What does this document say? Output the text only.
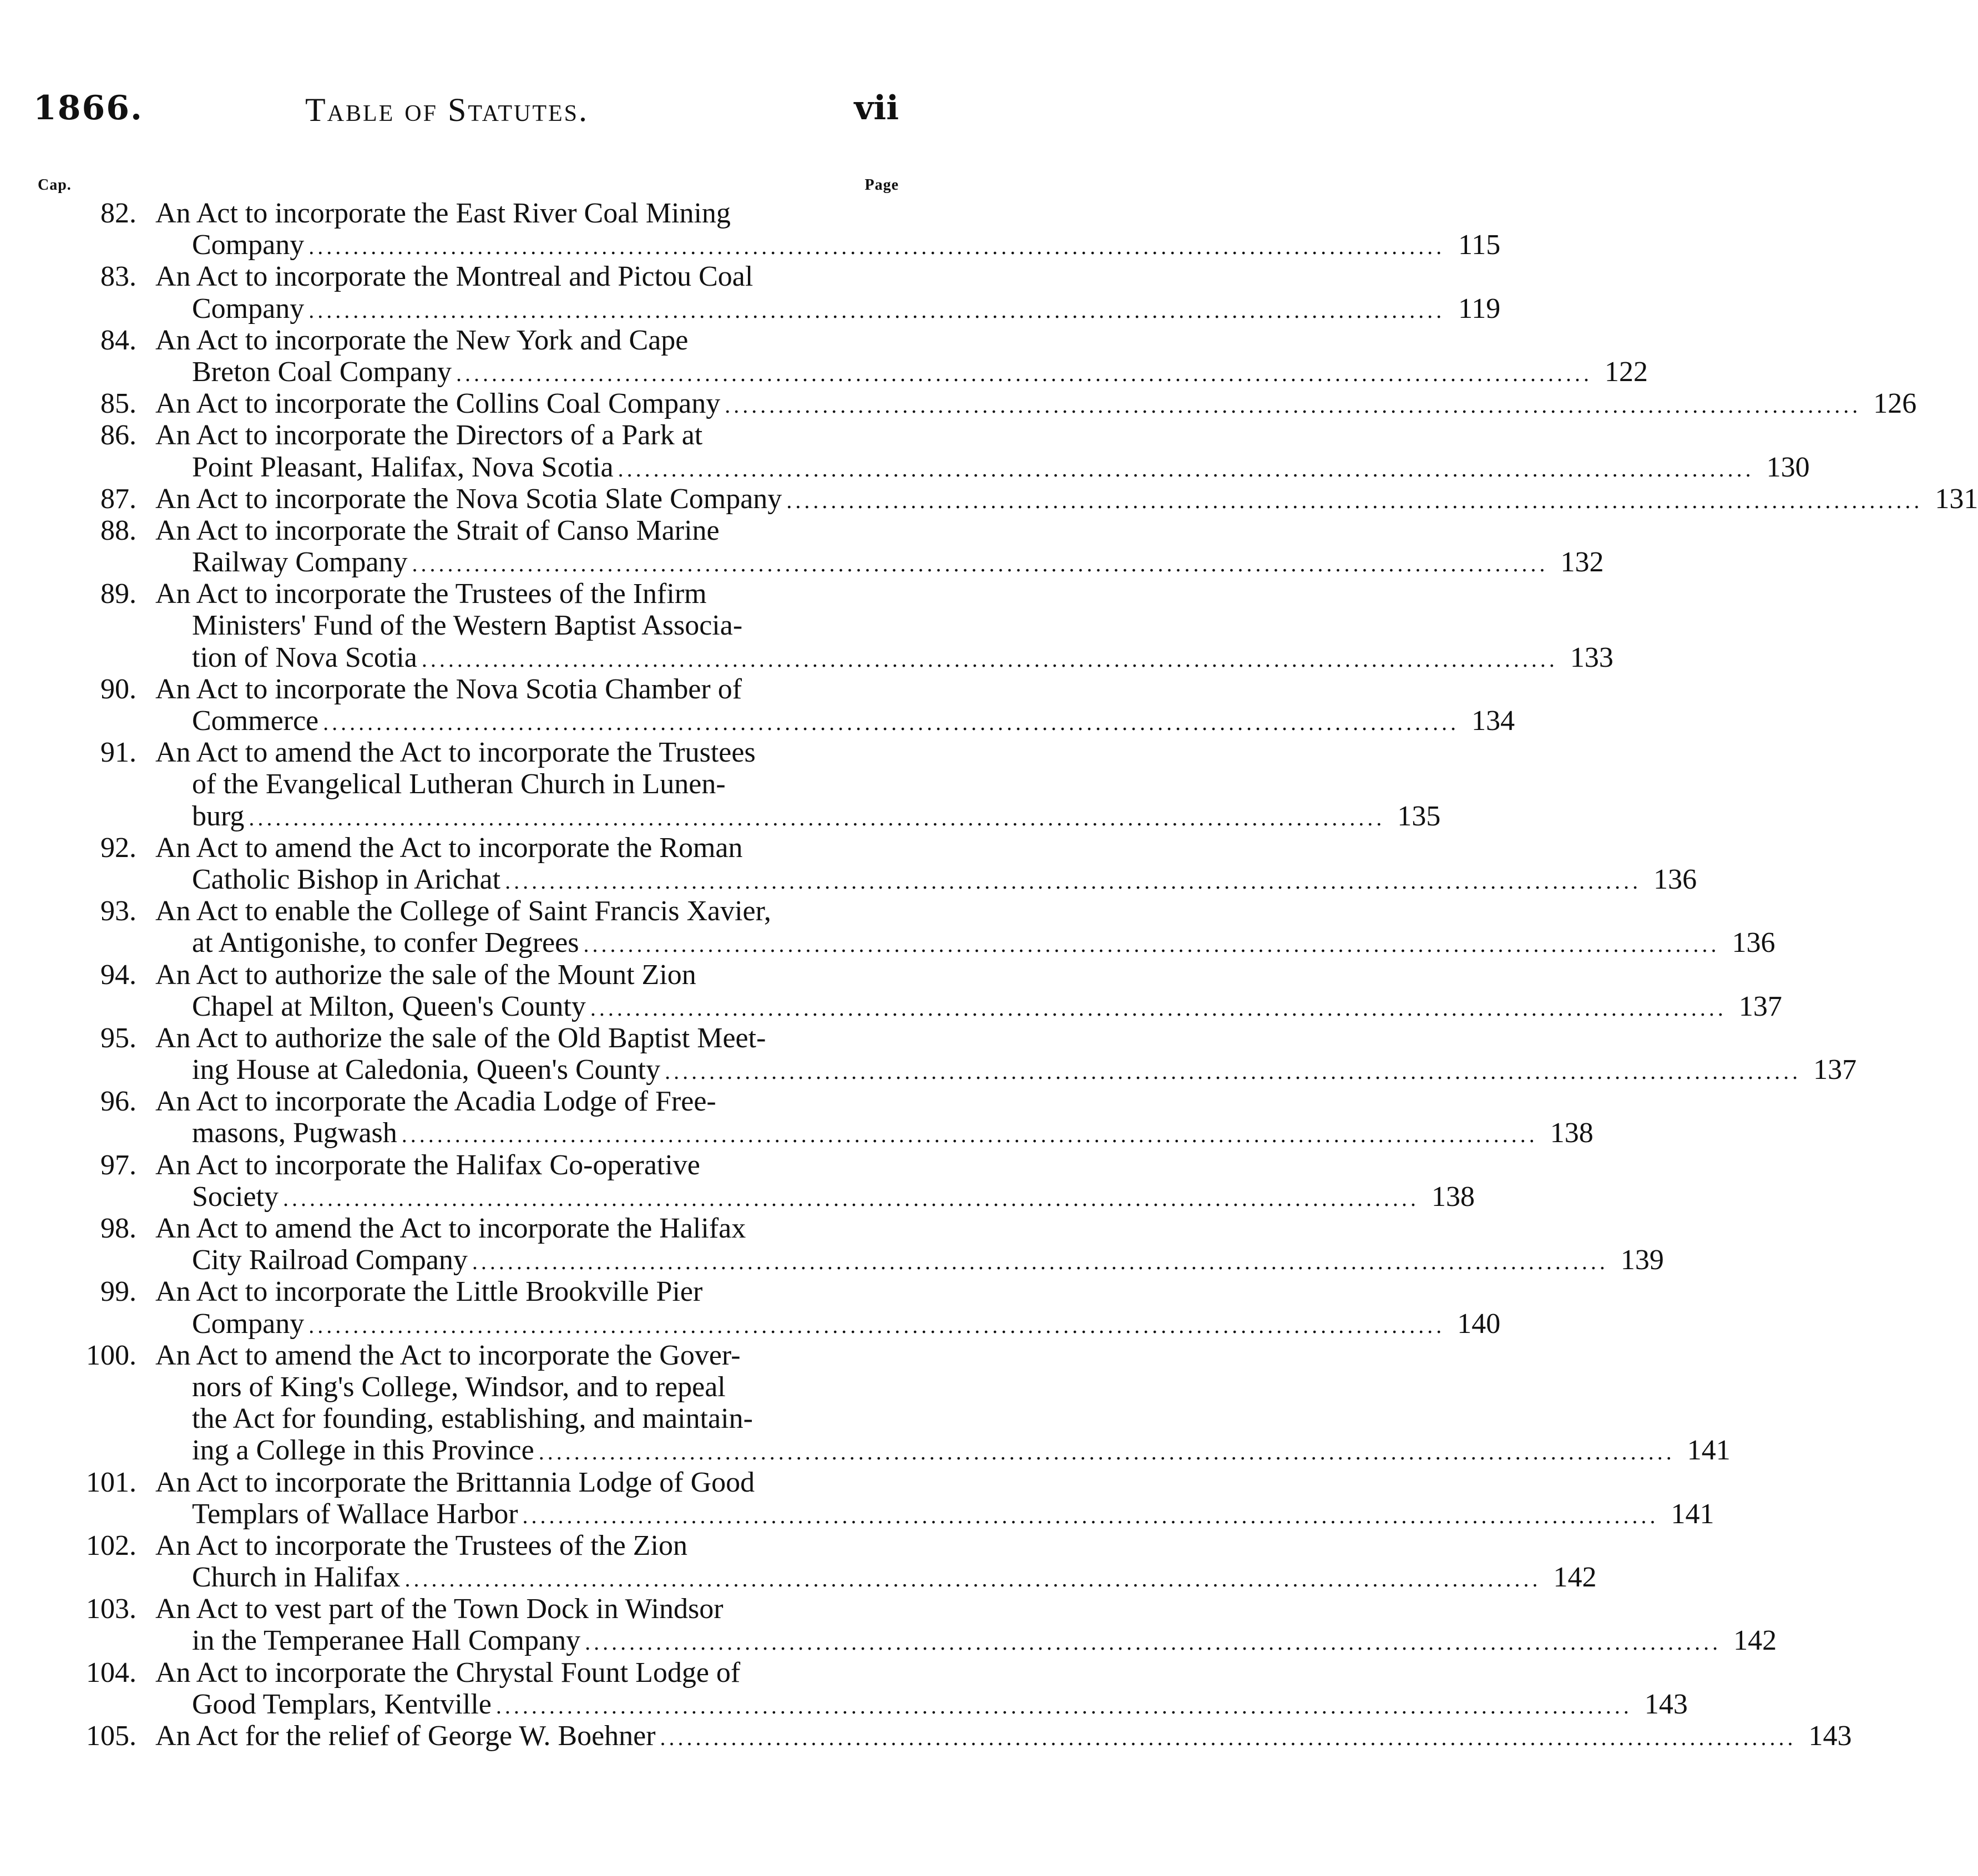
1866.	Table of Statutes.	vii
Cap.	Page
82. An Act to incorporate the East River Coal Mining
Company ................................................................................................................................ 115
83. An Act to incorporate the Montreal and Pictou Coal
Company ................................................................................................................................ 119
84. An Act to incorporate the New York and Cape
Breton Coal Company ................................................................................................................................ 122
85. An Act to incorporate the Collins Coal Company ................................................................................................................................ 126
86. An Act to incorporate the Directors of a Park at
Point Pleasant, Halifax, Nova Scotia ................................................................................................................................ 130
87. An Act to incorporate the Nova Scotia Slate Company ................................................................................................................................ 131
88. An Act to incorporate the Strait of Canso Marine
Railway Company ................................................................................................................................ 132
89. An Act to incorporate the Trustees of the Infirm
Ministers' Fund of the Western Baptist Associa-
tion of Nova Scotia ................................................................................................................................ 133
90. An Act to incorporate the Nova Scotia Chamber of
Commerce ................................................................................................................................ 134
91. An Act to amend the Act to incorporate the Trustees
of the Evangelical Lutheran Church in Lunen-
burg ................................................................................................................................ 135
92. An Act to amend the Act to incorporate the Roman
Catholic Bishop in Arichat ................................................................................................................................ 136
93. An Act to enable the College of Saint Francis Xavier,
at Antigonishe, to confer Degrees ................................................................................................................................ 136
94. An Act to authorize the sale of the Mount Zion
Chapel at Milton, Queen's County ................................................................................................................................ 137
95. An Act to authorize the sale of the Old Baptist Meet-
ing House at Caledonia, Queen's County ................................................................................................................................ 137
96. An Act to incorporate the Acadia Lodge of Free-
masons, Pugwash ................................................................................................................................ 138
97. An Act to incorporate the Halifax Co-operative
Society ................................................................................................................................ 138
98. An Act to amend the Act to incorporate the Halifax
City Railroad Company ................................................................................................................................ 139
99. An Act to incorporate the Little Brookville Pier
Company ................................................................................................................................ 140
100. An Act to amend the Act to incorporate the Gover-
nors of King's College, Windsor, and to repeal
the Act for founding, establishing, and maintain-
ing a College in this Province ................................................................................................................................ 141
101. An Act to incorporate the Brittannia Lodge of Good
Templars of Wallace Harbor ................................................................................................................................ 141
102. An Act to incorporate the Trustees of the Zion
Church in Halifax ................................................................................................................................ 142
103. An Act to vest part of the Town Dock in Windsor
in the Temperanee Hall Company ................................................................................................................................ 142
104. An Act to incorporate the Chrystal Fount Lodge of
Good Templars, Kentville ................................................................................................................................ 143
105. An Act for the relief of George W. Boehner ................................................................................................................................ 143
